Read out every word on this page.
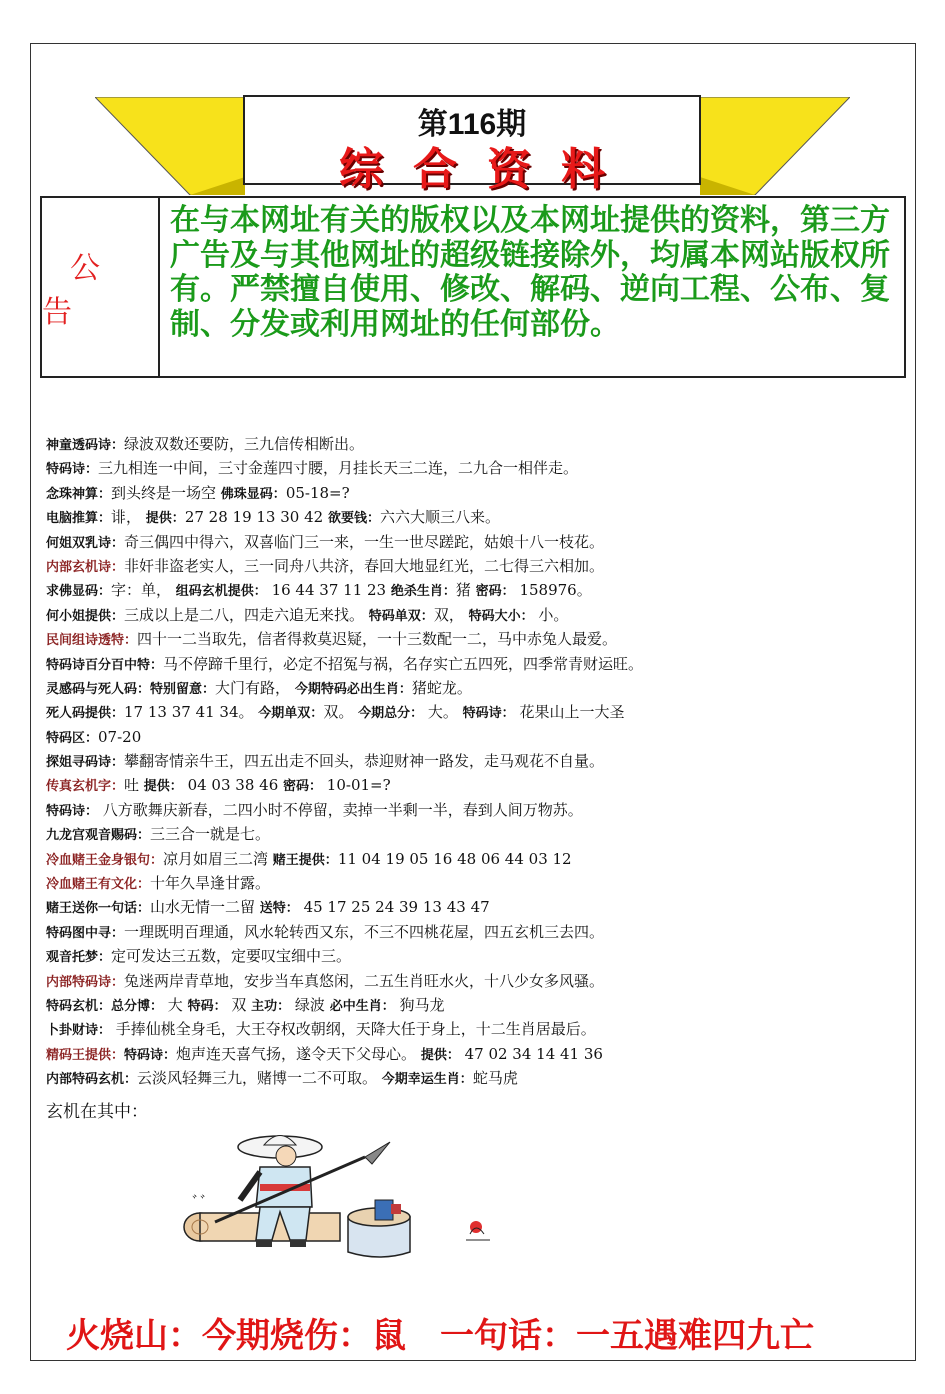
第116期
综合资料
公告
在与本网址有关的版权以及本网址提供的资料，第三方广告及与其他网址的超级链接除外，均属本网站版权所有。严禁擅自使用、修改、解码、逆向工程、公布、复制、分发或利用网址的任何部份。
神童透码诗：绿波双数还要防，三九信传相断出。
特码诗：三九相连一中间，三寸金莲四寸腰，月挂长天三二连，二九合一相伴走。
念珠神算：到头终是一场空 佛珠显码：05-18=?
电脑推算：诽， 提供：27 28 19 13 30 42 欲要钱：六六大顺三八来。
何姐双乳诗：奇三偶四中得六，双喜临门三一来，一生一世尽蹉跎，姑娘十八一枝花。
内部玄机诗：非奸非盗老实人，三一同舟八共济，春回大地显红光，二七得三六相加。
求佛显码：字：单， 组码玄机提供： 16 44 37 11 23 绝杀生肖：猪 密码： 158976。
何小姐提供：三成以上是二八，四走六追无来找。 特码单双：双， 特码大小： 小。
民间组诗透特：四十一二当取先，信者得救莫迟疑，一十三数配一二，马中赤兔人最爱。
特码诗百分百中特：马不停蹄千里行，必定不招冤与祸，名存实亡五四死，四季常青财运旺。
灵感码与死人码：特别留意：大门有路， 今期特码必出生肖：猪蛇龙。
死人码提供：17 13 37 41 34。 今期单双：双。 今期总分： 大。 特码诗： 花果山上一大圣
特码区：07-20
探姐寻码诗：攀翻寄情亲牛王，四五出走不回头，恭迎财神一路发，走马观花不自量。
传真玄机字：吐 提供： 04 03 38 46 密码： 10-01=?
特码诗： 八方歌舞庆新春，二四小时不停留，卖掉一半剩一半，春到人间万物苏。
九龙宫观音赐码：三三合一就是七。
冷血赌王金身银句：凉月如眉三二湾 赌王提供：11 04 19 05 16 48 06 44 03 12
冷血赌王有文化：十年久旱逢甘露。
赌王送你一句话：山水无情一二留 送特： 45 17 25 24 39 13 43 47
特码图中寻：一理既明百理通，风水轮转西又东，不三不四桃花屋，四五玄机三去四。
观音托梦：定可发达三五数，定要叹宝细中三。
内部特码诗：兔迷两岸青草地，安步当车真悠闲，二五生肖旺水火，十八少女多风骚。
特码玄机：总分博： 大 特码： 双 主功： 绿波 必中生肖： 狗马龙
卜卦财诗： 手捧仙桃全身毛，大王夺权改朝纲，天降大任于身上，十二生肖居最后。
精码王提供：特码诗：炮声连天喜气扬，遂令天下父母心。 提供： 47 02 34 14 41 36
内部特码玄机：云淡风轻舞三九，赌博一二不可取。 今期幸运生肖：蛇马虎
玄机在其中：
ﾞﾞ
火烧山：今期烧伤：鼠 一句话：一五遇难四九亡
